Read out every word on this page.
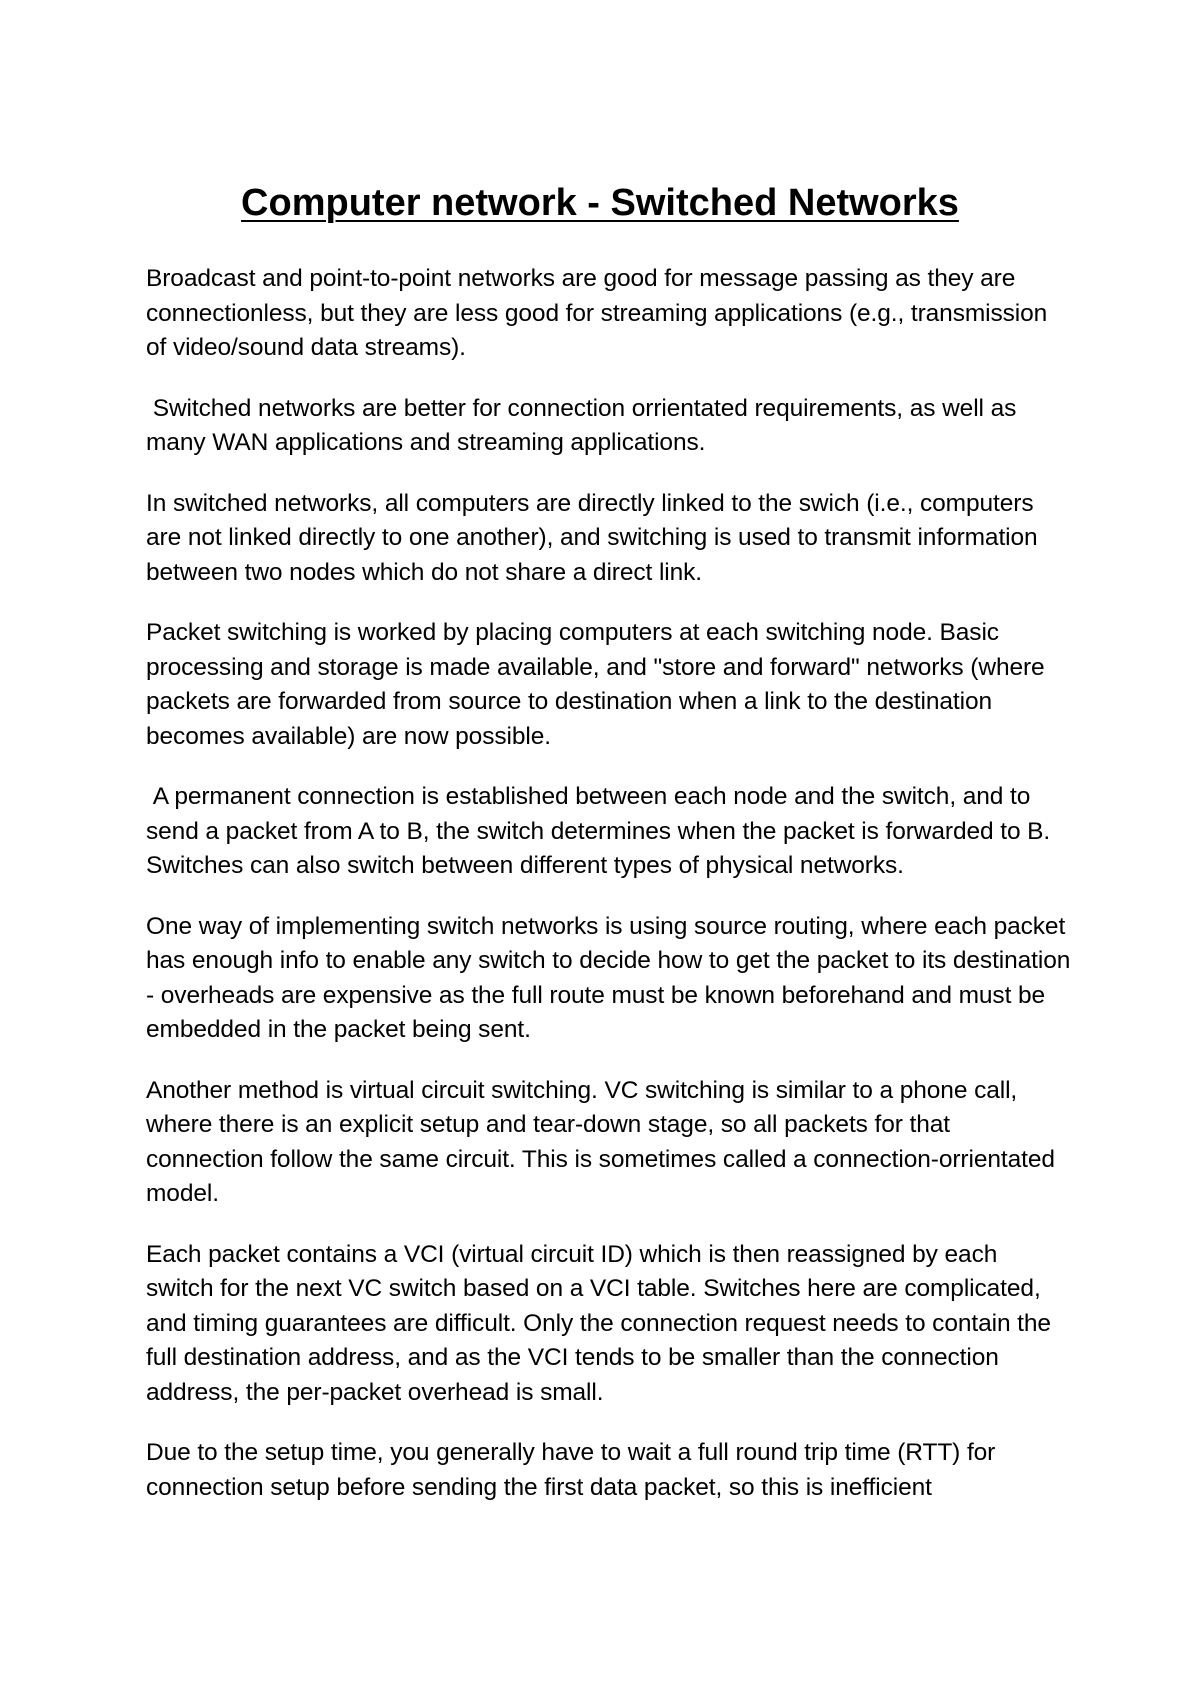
Computer network - Switched Networks

Broadcast and point-to-point networks are good for message passing as they are connectionless, but they are less good for streaming applications (e.g., transmission of video/sound data streams).

Switched networks are better for connection orrientated requirements, as well as many WAN applications and streaming applications.

In switched networks, all computers are directly linked to the swich (i.e., computers are not linked directly to one another), and switching is used to transmit information between two nodes which do not share a direct link.

Packet switching is worked by placing computers at each switching node. Basic processing and storage is made available, and "store and forward" networks (where packets are forwarded from source to destination when a link to the destination becomes available) are now possible.

A permanent connection is established between each node and the switch, and to send a packet from A to B, the switch determines when the packet is forwarded to B. Switches can also switch between different types of physical networks.

One way of implementing switch networks is using source routing, where each packet has enough info to enable any switch to decide how to get the packet to its destination - overheads are expensive as the full route must be known beforehand and must be embedded in the packet being sent.

Another method is virtual circuit switching. VC switching is similar to a phone call, where there is an explicit setup and tear-down stage, so all packets for that connection follow the same circuit. This is sometimes called a connection-orrientated model.

Each packet contains a VCI (virtual circuit ID) which is then reassigned by each switch for the next VC switch based on a VCI table. Switches here are complicated, and timing guarantees are difficult. Only the connection request needs to contain the full destination address, and as the VCI tends to be smaller than the connection address, the per-packet overhead is small.

Due to the setup time, you generally have to wait a full round trip time (RTT) for connection setup before sending the first data packet, so this is inefficient
